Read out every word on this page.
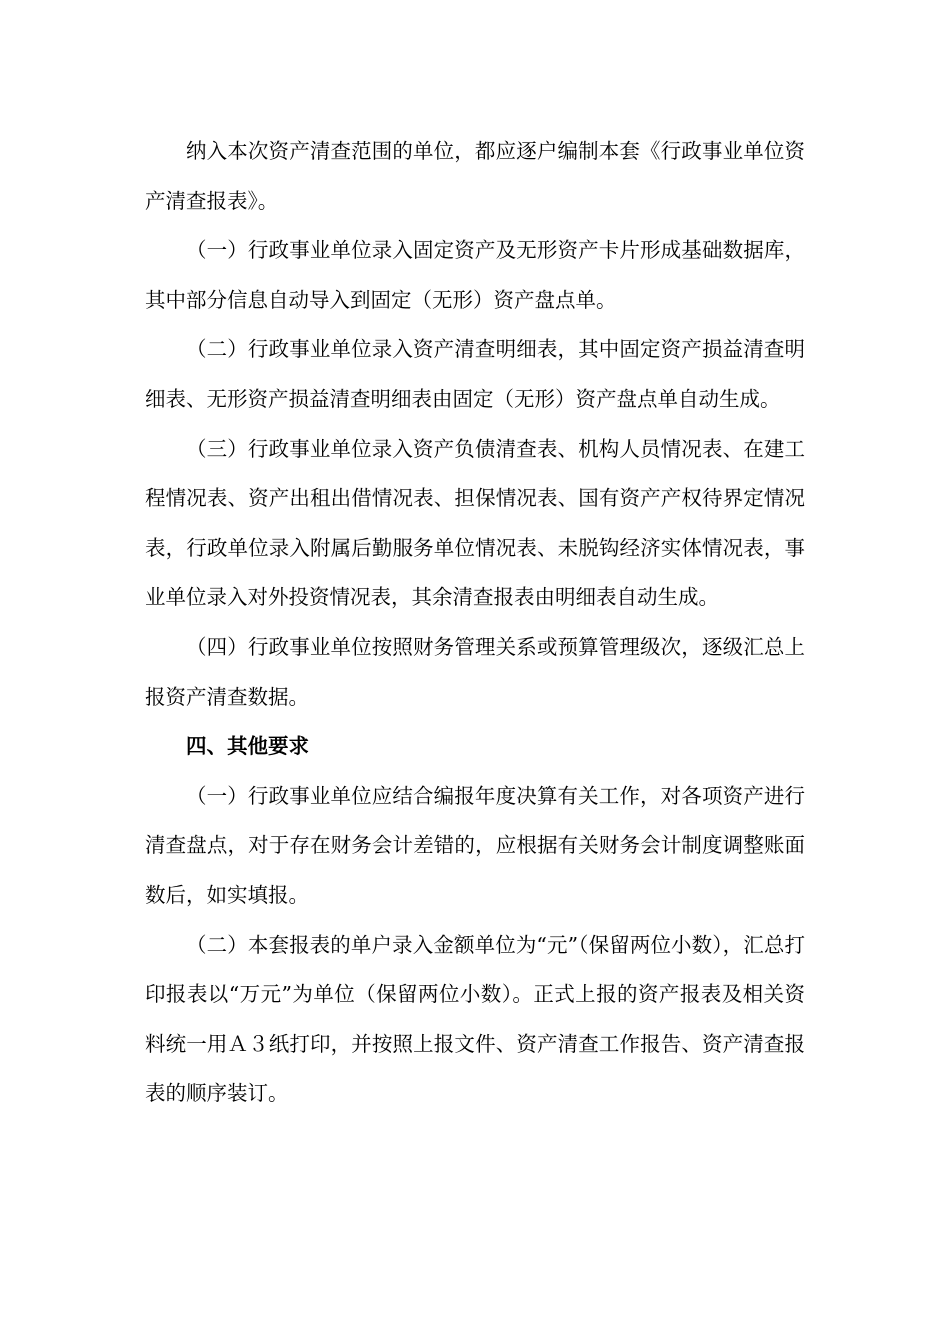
纳入本次资产清查范围的单位，都应逐户编制本套《行政事业单位资产清查报表》。

（一）行政事业单位录入固定资产及无形资产卡片形成基础数据库，其中部分信息自动导入到固定（无形）资产盘点单。

（二）行政事业单位录入资产清查明细表，其中固定资产损益清查明细表、无形资产损益清查明细表由固定（无形）资产盘点单自动生成。

（三）行政事业单位录入资产负债清查表、机构人员情况表、在建工程情况表、资产出租出借情况表、担保情况表、国有资产产权待界定情况表，行政单位录入附属后勤服务单位情况表、未脱钩经济实体情况表，事业单位录入对外投资情况表，其余清查报表由明细表自动生成。

（四）行政事业单位按照财务管理关系或预算管理级次，逐级汇总上报资产清查数据。

四、其他要求

（一）行政事业单位应结合编报年度决算有关工作，对各项资产进行清查盘点，对于存在财务会计差错的，应根据有关财务会计制度调整账面数后，如实填报。

（二）本套报表的单户录入金额单位为“元”（保留两位小数），汇总打印报表以“万元”为单位（保留两位小数）。正式上报的资产报表及相关资料统一用Ａ３纸打印，并按照上报文件、资产清查工作报告、资产清查报表的顺序装订。
